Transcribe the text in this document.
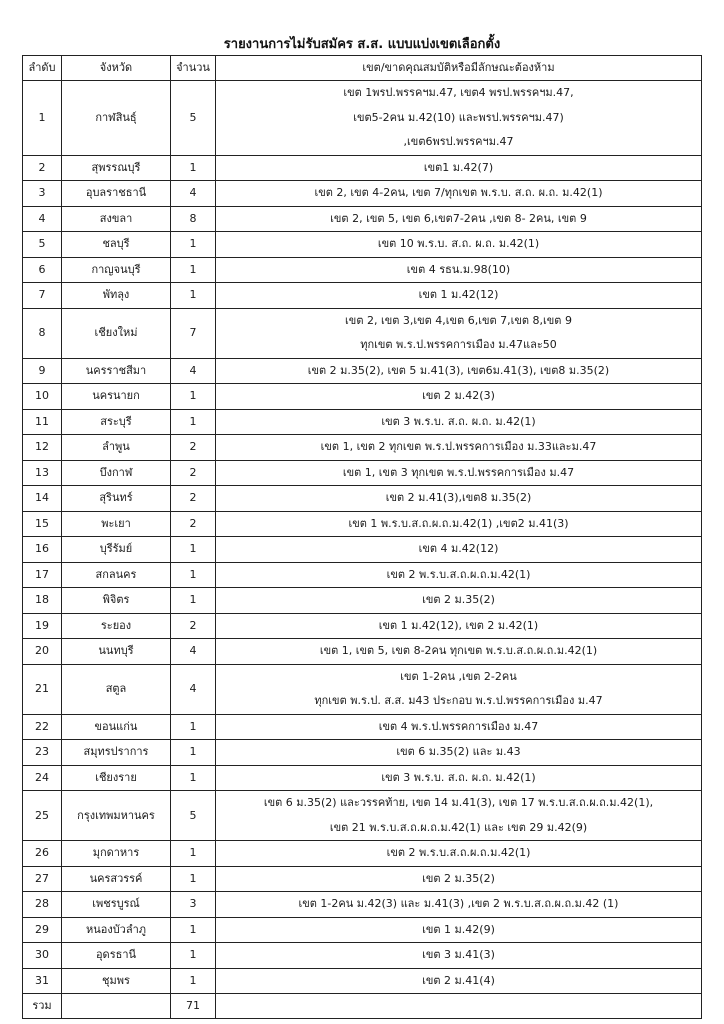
รายงานการไม่รับสมัคร ส.ส. แบบแบ่งเขตเลือกตั้ง
ลำดับ	จังหวัด	จำนวน	เขต/ขาดคุณสมบัติหรือมีลักษณะต้องห้าม
1	กาฬสินธุ์	5	เขต 1พรป.พรรคฯม.47, เขต4 พรป.พรรคฯม.47,
เขต5-2คน ม.42(10) และพรป.พรรคฯม.47)
,เขต6พรป.พรรคฯม.47

2	สุพรรณบุรี	1	เขต1 ม.42(7)

3	อุบลราชธานี	4	เขต 2, เขต 4-2คน, เขต 7/ทุกเขต พ.ร.บ. ส.ถ. ผ.ถ. ม.42(1)

4	สงขลา	8	เขต 2, เขต 5, เขต 6,เขต7-2คน ,เขต 8- 2คน, เขต 9

5	ชลบุรี	1	เขต 10 พ.ร.บ. ส.ถ. ผ.ถ. ม.42(1)

6	กาญจนบุรี	1	เขต 4 รธน.ม.98(10)

7	พัทลุง	1	เขต 1 ม.42(12)

8	เชียงใหม่	7	เขต 2, เขต 3,เขต 4,เขต 6,เขต 7,เขต 8,เขต 9
ทุกเขต พ.ร.ป.พรรคการเมือง ม.47และ50

9	นครราชสีมา	4	เขต 2 ม.35(2), เขต 5 ม.41(3), เขต6ม.41(3), เขต8 ม.35(2)

10	นครนายก	1	เขต 2 ม.42(3)

11	สระบุรี	1	เขต 3 พ.ร.บ. ส.ถ. ผ.ถ. ม.42(1)

12	ลำพูน	2	เขต 1, เขต 2 ทุกเขต พ.ร.ป.พรรคการเมือง ม.33และม.47

13	บึงกาฬ	2	เขต 1, เขต 3 ทุกเขต พ.ร.ป.พรรคการเมือง ม.47

14	สุรินทร์	2	เขต 2 ม.41(3),เขต8 ม.35(2)

15	พะเยา	2	เขต 1 พ.ร.บ.ส.ถ.ผ.ถ.ม.42(1) ,เขต2 ม.41(3)

16	บุรีรัมย์	1	เขต 4 ม.42(12)

17	สกลนคร	1	เขต 2 พ.ร.บ.ส.ถ.ผ.ถ.ม.42(1)

18	พิจิตร	1	เขต 2 ม.35(2)

19	ระยอง	2	เขต 1 ม.42(12), เขต 2 ม.42(1)

20	นนทบุรี	4	เขต 1, เขต 5, เขต 8-2คน ทุกเขต พ.ร.บ.ส.ถ.ผ.ถ.ม.42(1)

21	สตูล	4	เขต 1-2คน ,เขต 2-2คน
ทุกเขต พ.ร.ป. ส.ส. ม43 ประกอบ พ.ร.ป.พรรคการเมือง ม.47

22	ขอนแก่น	1	เขต 4 พ.ร.ป.พรรคการเมือง ม.47

23	สมุทรปราการ	1	เขต 6 ม.35(2) และ ม.43

24	เชียงราย	1	เขต 3 พ.ร.บ. ส.ถ. ผ.ถ. ม.42(1)

25	กรุงเทพมหานคร	5	เขต 6 ม.35(2) และวรรคท้าย, เขต 14 ม.41(3), เขต 17 พ.ร.บ.ส.ถ.ผ.ถ.ม.42(1),
เขต 21 พ.ร.บ.ส.ถ.ผ.ถ.ม.42(1) และ เขต 29 ม.42(9)

26	มุกดาหาร	1	เขต 2 พ.ร.บ.ส.ถ.ผ.ถ.ม.42(1)

27	นครสวรรค์	1	เขต 2 ม.35(2)

28	เพชรบูรณ์	3	เขต 1-2คน ม.42(3) และ ม.41(3) ,เขต 2 พ.ร.บ.ส.ถ.ผ.ถ.ม.42 (1)

29	หนองบัวลำภู	1	เขต 1 ม.42(9)

30	อุดรธานี	1	เขต 3 ม.41(3)

31	ชุมพร	1	เขต 2 ม.41(4)

รวม		71	
